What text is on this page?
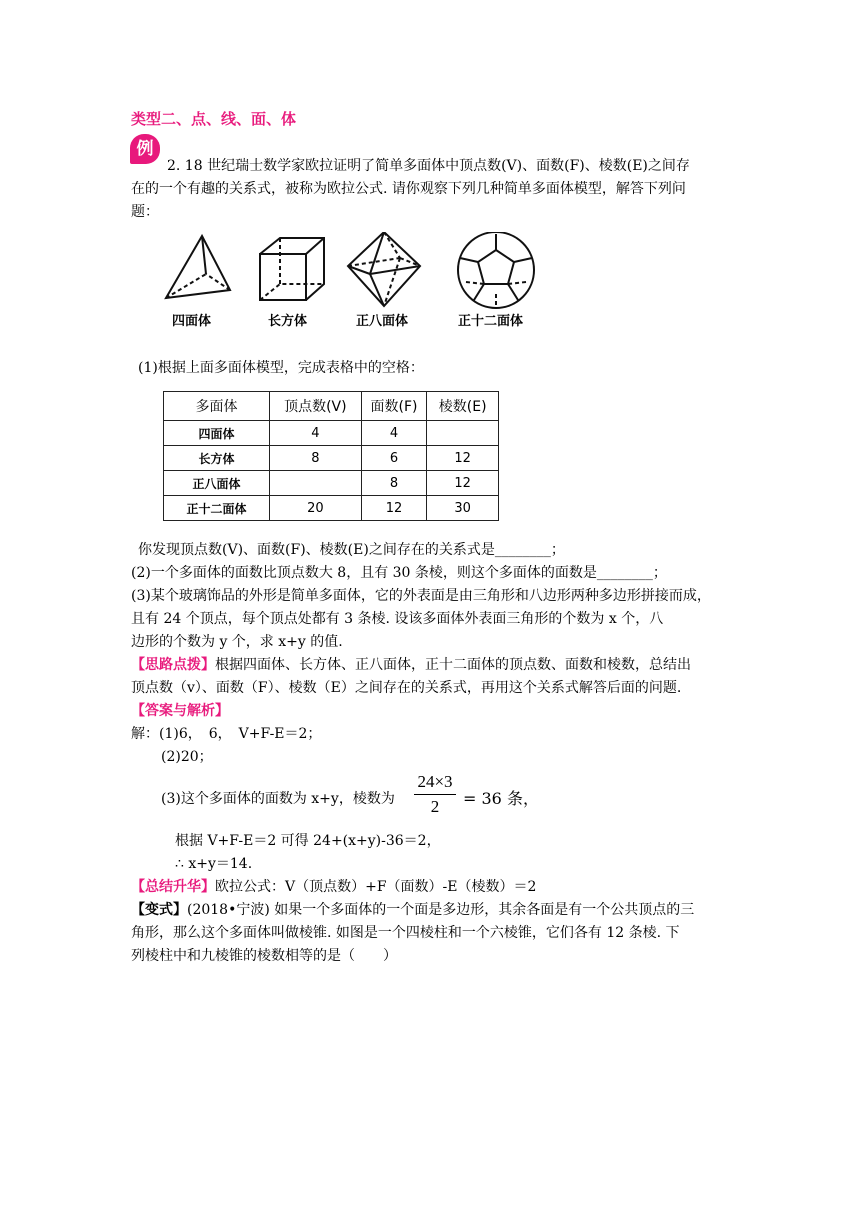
类型二、点、线、面、体
例
2. 18 世纪瑞士数学家欧拉证明了简单多面体中顶点数(V)、面数(F)、棱数(E)之间存
在的一个有趣的关系式，被称为欧拉公式. 请你观察下列几种简单多面体模型，解答下列问
题：
四面体	长方体	正八面体	正十二面体
(1)根据上面多面体模型，完成表格中的空格：
多面体	顶点数(V)	面数(F)	棱数(E)
四面体	4	4	
长方体	8	6	12
正八面体		8	12
正十二面体	20	12	30
你发现顶点数(V)、面数(F)、棱数(E)之间存在的关系式是________；
(2)一个多面体的面数比顶点数大 8，且有 30 条棱，则这个多面体的面数是________；
(3)某个玻璃饰品的外形是简单多面体，它的外表面是由三角形和八边形两种多边形拼接而成，
且有 24 个顶点，每个顶点处都有 3 条棱. 设该多面体外表面三角形的个数为 x 个，八
边形的个数为 y 个，求 x+y 的值.
【思路点拨】根据四面体、长方体、正八面体，正十二面体的顶点数、面数和棱数，总结出
顶点数（v）、面数（F）、棱数（E）之间存在的关系式，再用这个关系式解答后面的问题.
【答案与解析】
解：(1)6，　6，　V+F-E＝2；
(2)20；
(3)这个多面体的面数为 x+y，棱数为
24×3
2	= 36 条，
根据 V+F-E＝2 可得 24+(x+y)-36＝2，
∴ x+y＝14.
【总结升华】欧拉公式：V（顶点数）+F（面数）-E（棱数）＝2
【变式】(2018•宁波) 如果一个多面体的一个面是多边形，其余各面是有一个公共顶点的三
角形，那么这个多面体叫做棱锥. 如图是一个四棱柱和一个六棱锥，它们各有 12 条棱. 下
列棱柱中和九棱锥的棱数相等的是（　　）
